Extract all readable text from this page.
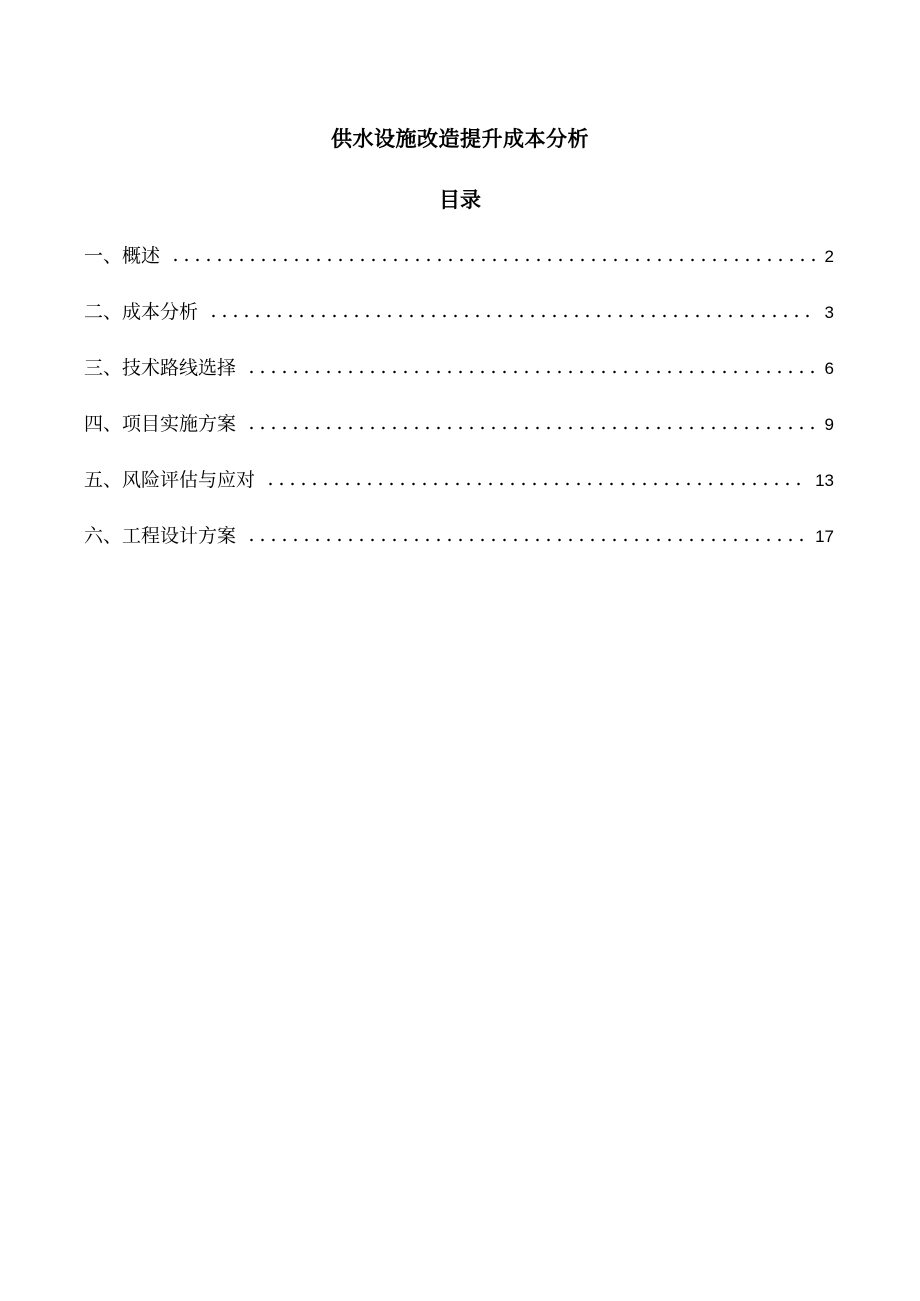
供水设施改造提升成本分析
目录
一、概述	2
二、成本分析	3
三、技术路线选择	6
四、项目实施方案	9
五、风险评估与应对	13
六、工程设计方案	17
